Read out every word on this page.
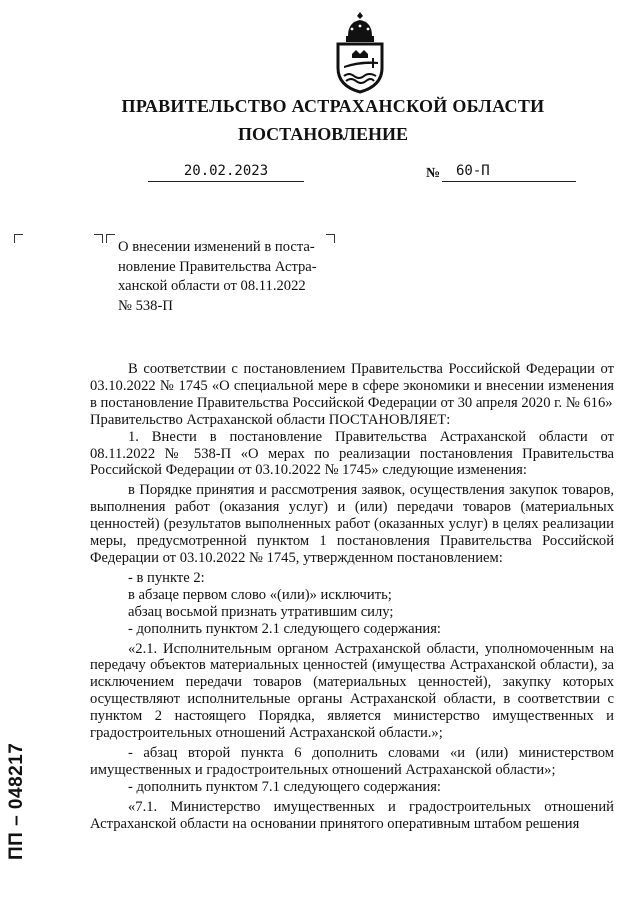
ПРАВИТЕЛЬСТВО АСТРАХАНСКОЙ ОБЛАСТИ
ПОСТАНОВЛЕНИЕ
20.02.2023	№	60-П
О внесении изменений в поста-
новление Правительства Астра-
ханской области от 08.11.2022
№ 538-П

В соответствии с постановлением Правительства Российской Федерации от 03.10.2022 № 1745 «О специальной мере в сфере экономики и внесении изменения в постановление Правительства Российской Федерации от 30 апреля 2020 г. № 616»

Правительство Астраханской области ПОСТАНОВЛЯЕТ:

1. Внести в постановление Правительства Астраханской области от 08.11.2022 № 538-П «О мерах по реализации постановления Правительства Российской Федерации от 03.10.2022 № 1745» следующие изменения:

в Порядке принятия и рассмотрения заявок, осуществления закупок товаров, выполнения работ (оказания услуг) и (или) передачи товаров (материальных ценностей) (результатов выполненных работ (оказанных услуг) в целях реализации меры, предусмотренной пунктом 1 постановления Правительства Российской Федерации от 03.10.2022 № 1745, утвержденном постановлением:

- в пункте 2:

в абзаце первом слово «(или)» исключить;

абзац восьмой признать утратившим силу;

- дополнить пунктом 2.1 следующего содержания:

«2.1. Исполнительным органом Астраханской области, уполномоченным на передачу объектов материальных ценностей (имущества Астраханской области), за исключением передачи товаров (материальных ценностей), закупку которых осуществляют исполнительные органы Астраханской области, в соответствии с пунктом 2 настоящего Порядка, является министерство имущественных и градостроительных отношений Астраханской области.»;

- абзац второй пункта 6 дополнить словами «и (или) министерством имущественных и градостроительных отношений Астраханской области»;

- дополнить пунктом 7.1 следующего содержания:

«7.1. Министерство имущественных и градостроительных отношений Астраханской области на основании принятого оперативным штабом решения

ПП – 048217
